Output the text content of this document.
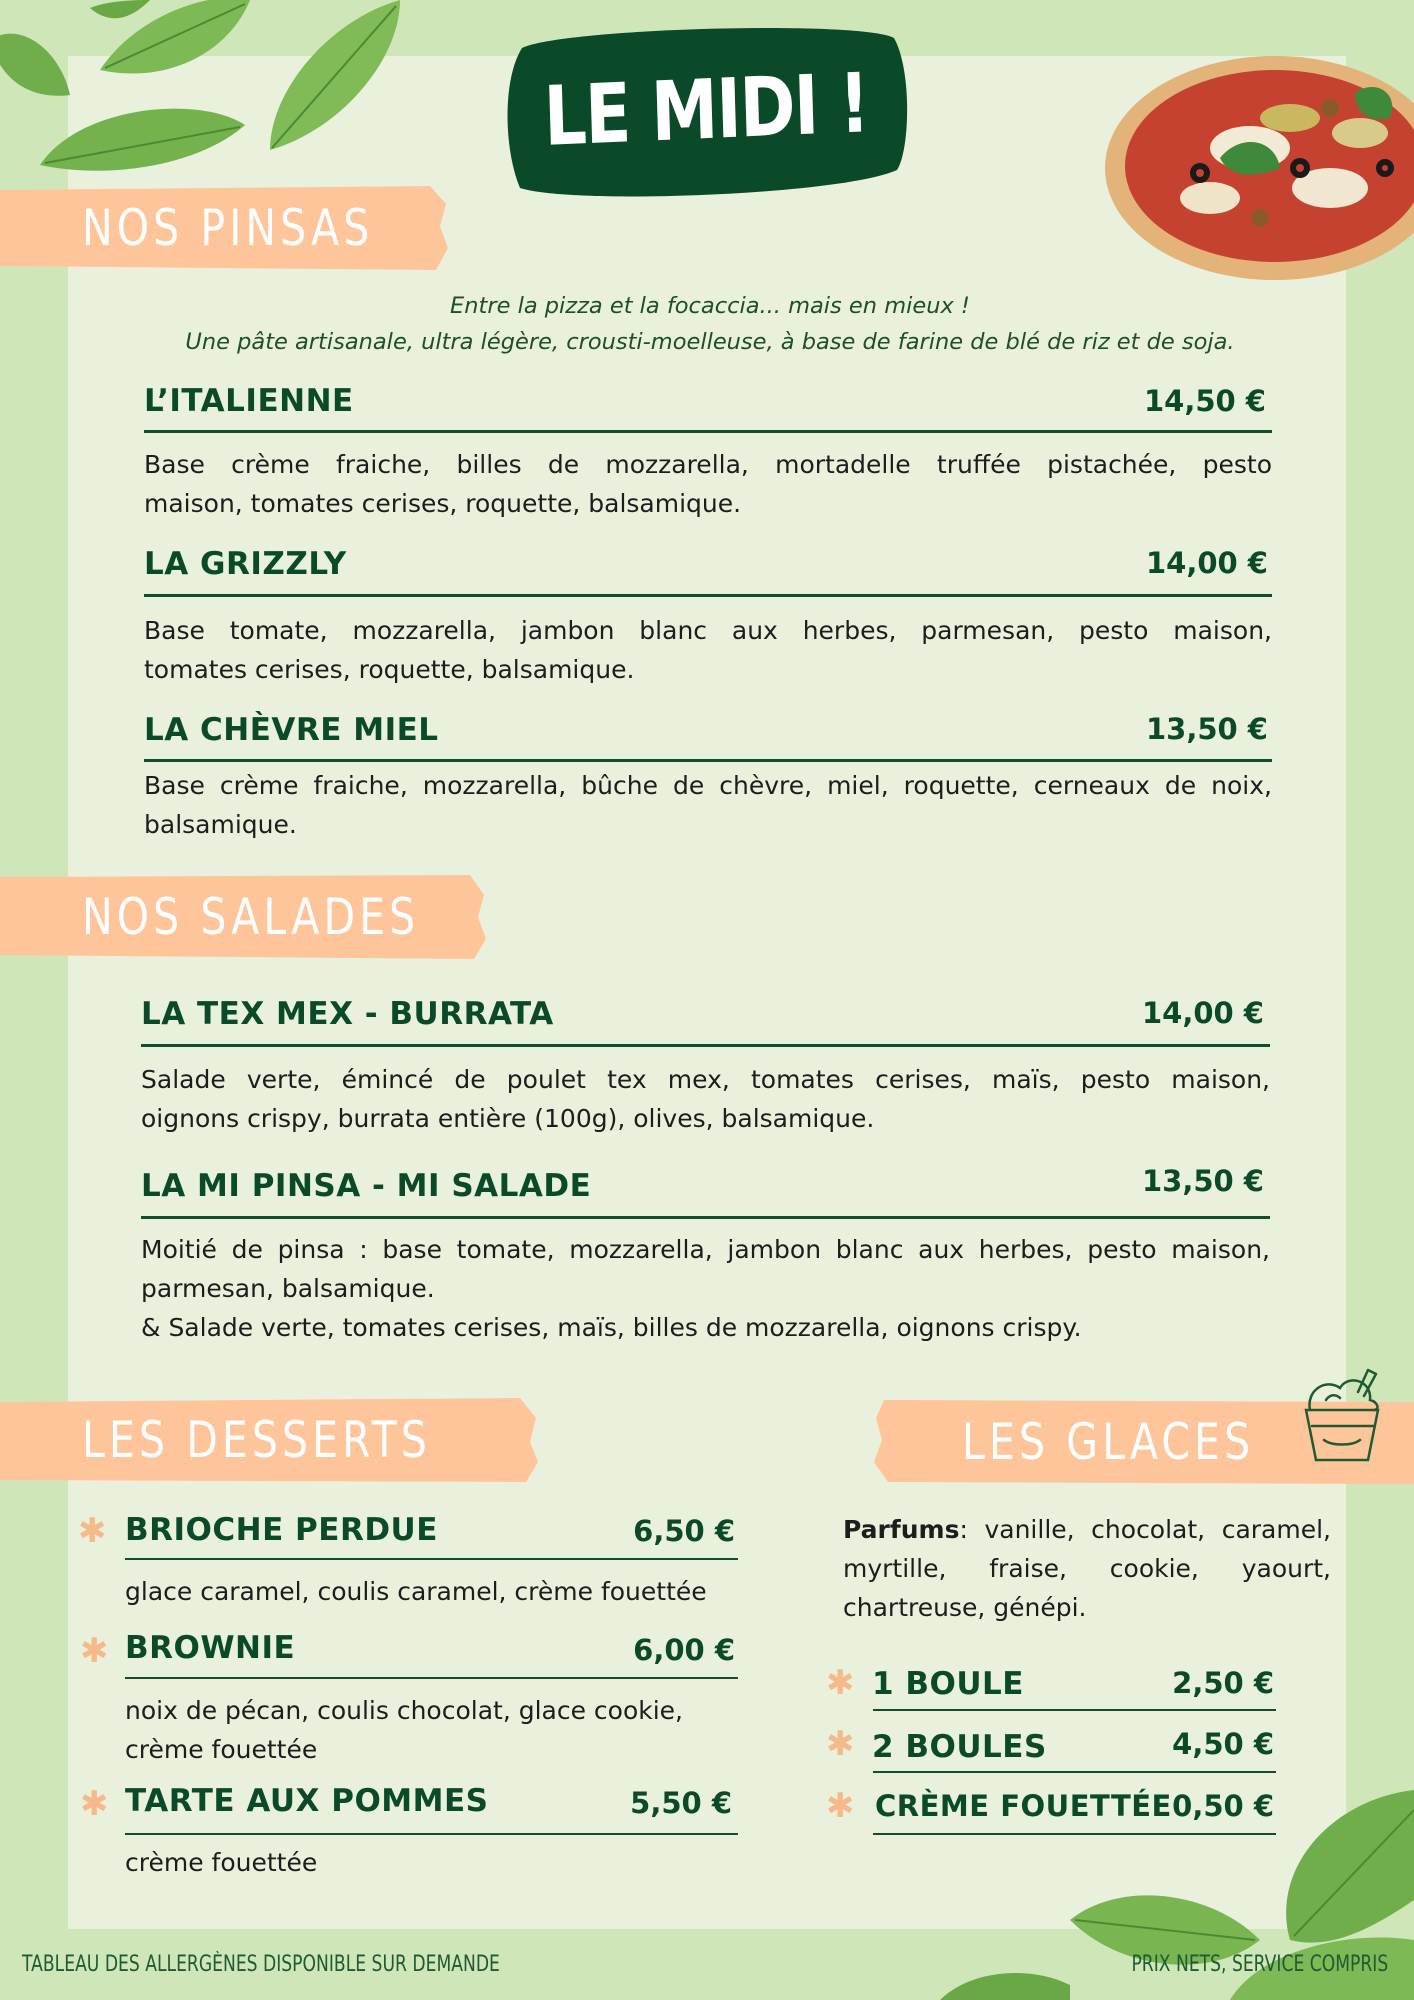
LE MIDI !
NOS PINSAS
Entre la pizza et la focaccia... mais en mieux !
Une pâte artisanale, ultra légère, crousti-moelleuse, à base de farine de blé de riz et de soja.
L’ITALIENNE	14,50 €
Base crème fraiche, billes de mozzarella, mortadelle truffée pistachée, pesto
maison, tomates cerises, roquette, balsamique.
LA GRIZZLY	14,00 €
Base tomate, mozzarella, jambon blanc aux herbes, parmesan, pesto maison,
tomates cerises, roquette, balsamique.
LA CHÈVRE MIEL	13,50 €
Base crème fraiche, mozzarella, bûche de chèvre, miel, roquette, cerneaux de noix,
balsamique.
NOS SALADES
LA TEX MEX - BURRATA	14,00 €
Salade verte, émincé de poulet tex mex, tomates cerises, maïs, pesto maison,
oignons crispy, burrata entière (100g), olives, balsamique.
LA MI PINSA - MI SALADE	13,50 €
Moitié de pinsa : base tomate, mozzarella, jambon blanc aux herbes, pesto maison,
parmesan, balsamique.
& Salade verte, tomates cerises, maïs, billes de mozzarella, oignons crispy.
LES DESSERTS	LES GLACES
✱ BRIOCHE PERDUE	6,50 €
glace caramel, coulis caramel, crème fouettée
✱ BROWNIE	6,00 €
noix de pécan, coulis chocolat, glace cookie,
crème fouettée
✱ TARTE AUX POMMES	5,50 €
crème fouettée
Parfums: vanille, chocolat, caramel,
myrtille, fraise, cookie, yaourt,
chartreuse, génépi.
✱ 1 BOULE	2,50 €
✱ 2 BOULES	4,50 €
✱ CRÈME FOUETTÉE 0,50 €
TABLEAU DES ALLERGÈNES DISPONIBLE SUR DEMANDE	PRIX NETS, SERVICE COMPRIS
